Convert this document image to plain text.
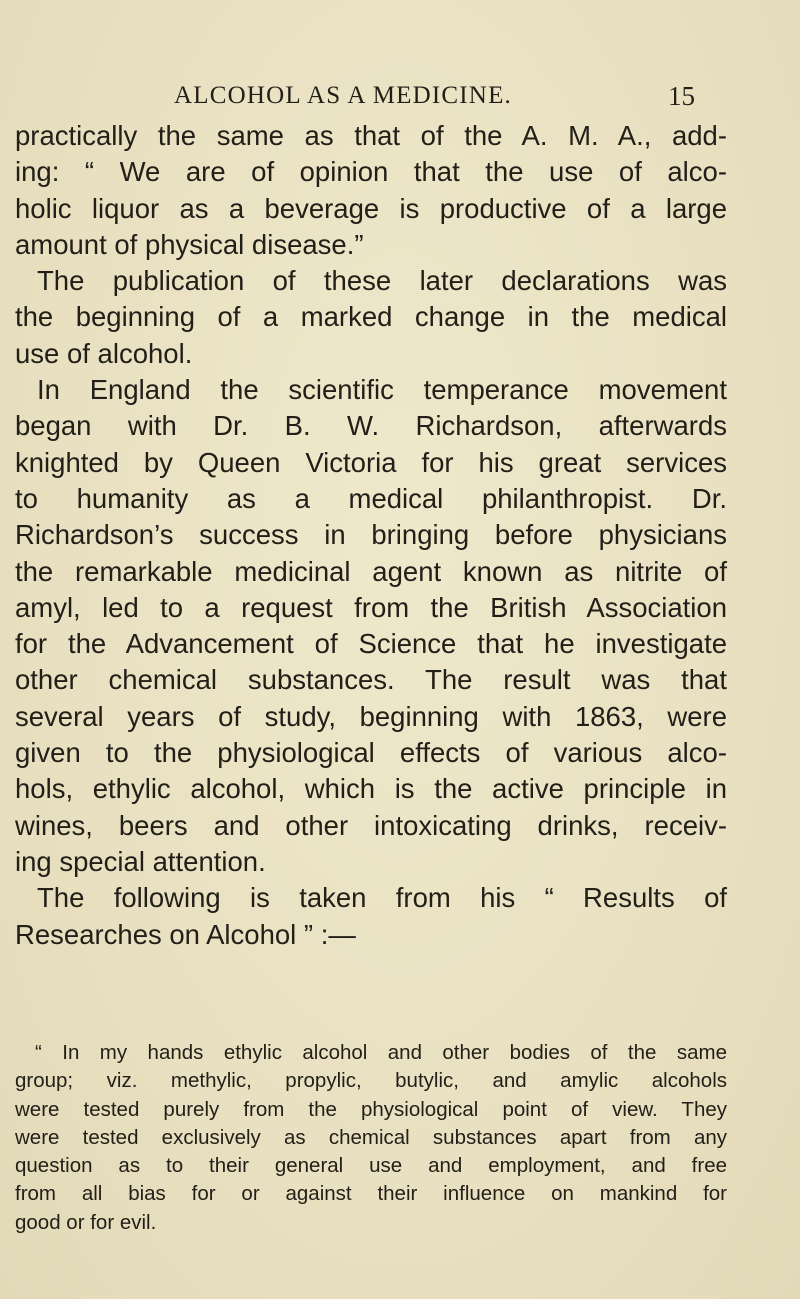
ALCOHOL AS A MEDICINE.	15

practically the same as that of the A. M. A., add-
ing: “ We are of opinion that the use of alco-
holic liquor as a beverage is productive of a large
amount of physical disease.”

The publication of these later declarations was
the beginning of a marked change in the medical
use of alcohol.

In England the scientific temperance movement
began with Dr. B. W. Richardson, afterwards
knighted by Queen Victoria for his great services
to humanity as a medical philanthropist. Dr.
Richardson’s success in bringing before physicians
the remarkable medicinal agent known as nitrite of
amyl, led to a request from the British Association
for the Advancement of Science that he investigate
other chemical substances. The result was that
several years of study, beginning with 1863, were
given to the physiological effects of various alco-
hols, ethylic alcohol, which is the active principle in
wines, beers and other intoxicating drinks, receiv-
ing special attention.

The following is taken from his “ Results of
Researches on Alcohol ” :—

“ In my hands ethylic alcohol and other bodies of the same

group; viz. methylic, propylic, butylic, and amylic alcohols
were tested purely from the physiological point of view. They
were tested exclusively as chemical substances apart from any
question as to their general use and employment, and free
from all bias for or against their influence on mankind for
good or for evil.
